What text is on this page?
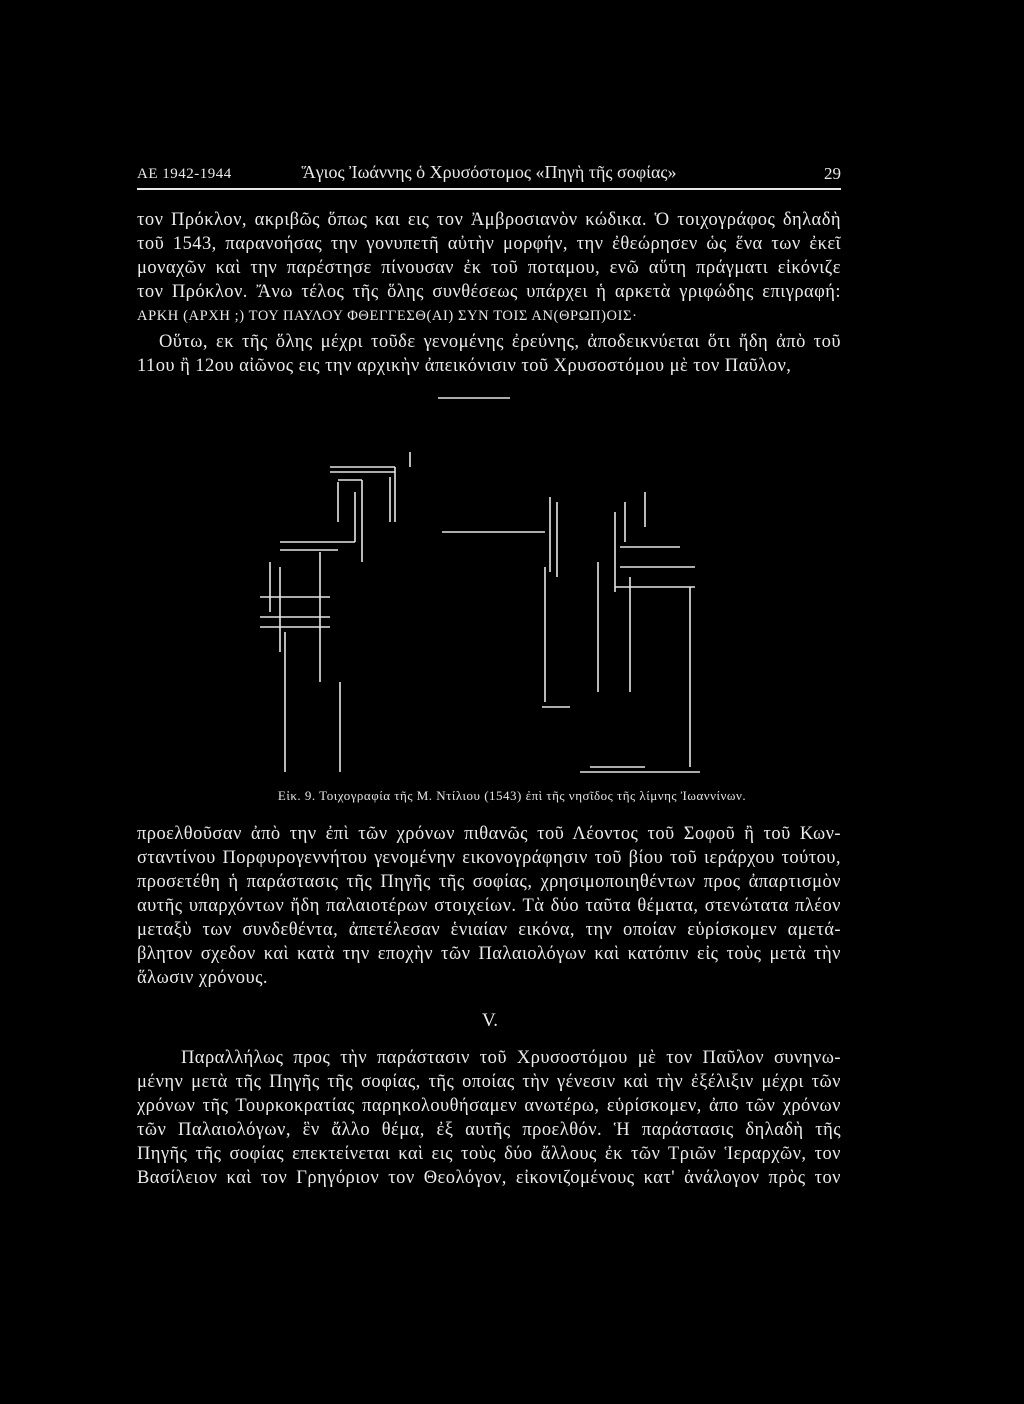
ΑΕ 1942-1944	Ἅγιος Ἰωάννης ὁ Χρυσόστομος «Πηγὴ τῆς σοφίας»	29
τον Πρόκλον, ακριβῶς ὅπως και εις τον Ἀμβροσιανὸν κώδικα. Ὁ τοιχογράφος δηλαδὴ
τοῦ 1543, παρανοήσας την γονυπετῆ αὐτὴν μορφήν, την ἐθεώρησεν ὡς ἕνα των ἐκεῖ
μοναχῶν καὶ την παρέστησε πίνουσαν ἐκ τοῦ ποταμου, ενῶ αὕτη πράγματι εἰκόνιζε
τον Πρόκλον. Ἄνω τέλος τῆς ὅλης συνθέσεως υπάρχει ἡ αρκετὰ γριφώδης επιγραφή:
ΑΡΚΗ (ΑΡΧΗ ;) ΤΟΥ ΠΑΥΛΟΥ ΦΘΕΓΓΕΣΘ(ΑΙ) ΣΥΝ ΤΟΙΣ ΑΝ(ΘΡΩΠ)ΟΙΣ·
Οὕτω, εκ τῆς ὅλης μέχρι τοῦδε γενομένης ἐρεύνης, ἀποδεικνύεται ὅτι ἤδη ἀπὸ τοῦ
11ου ἢ 12ου αἰῶνος εις την αρχικὴν ἀπεικόνισιν τοῦ Χρυσοστόμου μὲ τον Παῦλον,
Εἰκ. 9. Τοιχογραφία τῆς Μ. Ντίλιου (1543) ἐπὶ τῆς νησῖδος τῆς λίμνης Ἰωαννίνων.
προελθοῦσαν ἀπὸ την ἐπὶ τῶν χρόνων πιθανῶς τοῦ Λέοντος τοῦ Σοφοῦ ἢ τοῦ Κων-
σταντίνου Πορφυρογεννήτου γενομένην εικονογράφησιν τοῦ βίου τοῦ ιεράρχου τούτου,
προσετέθη ἡ παράστασις τῆς Πηγῆς τῆς σοφίας, χρησιμοποιηθέντων προς ἀπαρτισμὸν
αυτῆς υπαρχόντων ἤδη παλαιοτέρων στοιχείων. Τὰ δύο ταῦτα θέματα, στενώτατα πλέον
μεταξὺ των συνδεθέντα, ἀπετέλεσαν ἑνιαίαν εικόνα, την οποίαν εὑρίσκομεν αμετά-
βλητον σχεδον καὶ κατὰ την εποχὴν τῶν Παλαιολόγων καὶ κατόπιν εἰς τοὺς μετὰ τὴν
ἅλωσιν χρόνους.
V.
Παραλλήλως προς τὴν παράστασιν τοῦ Χρυσοστόμου μὲ τον Παῦλον συνηνω-
μένην μετὰ τῆς Πηγῆς τῆς σοφίας, τῆς οποίας τὴν γένεσιν καὶ τὴν ἐξέλιξιν μέχρι τῶν
χρόνων τῆς Τουρκοκρατίας παρηκολουθήσαμεν ανωτέρω, εὑρίσκομεν, ἀπο τῶν χρόνων
τῶν Παλαιολόγων, ἓν ἄλλο θέμα, ἐξ αυτῆς προελθόν. Ἡ παράστασις δηλαδὴ τῆς
Πηγῆς τῆς σοφίας επεκτείνεται καὶ εις τοὺς δύο ἄλλους ἐκ τῶν Τριῶν Ἱεραρχῶν, τον
Βασίλειον καὶ τον Γρηγόριον τον Θεολόγον, εἰκονιζομένους κατ' ἀνάλογον πρὸς τον
